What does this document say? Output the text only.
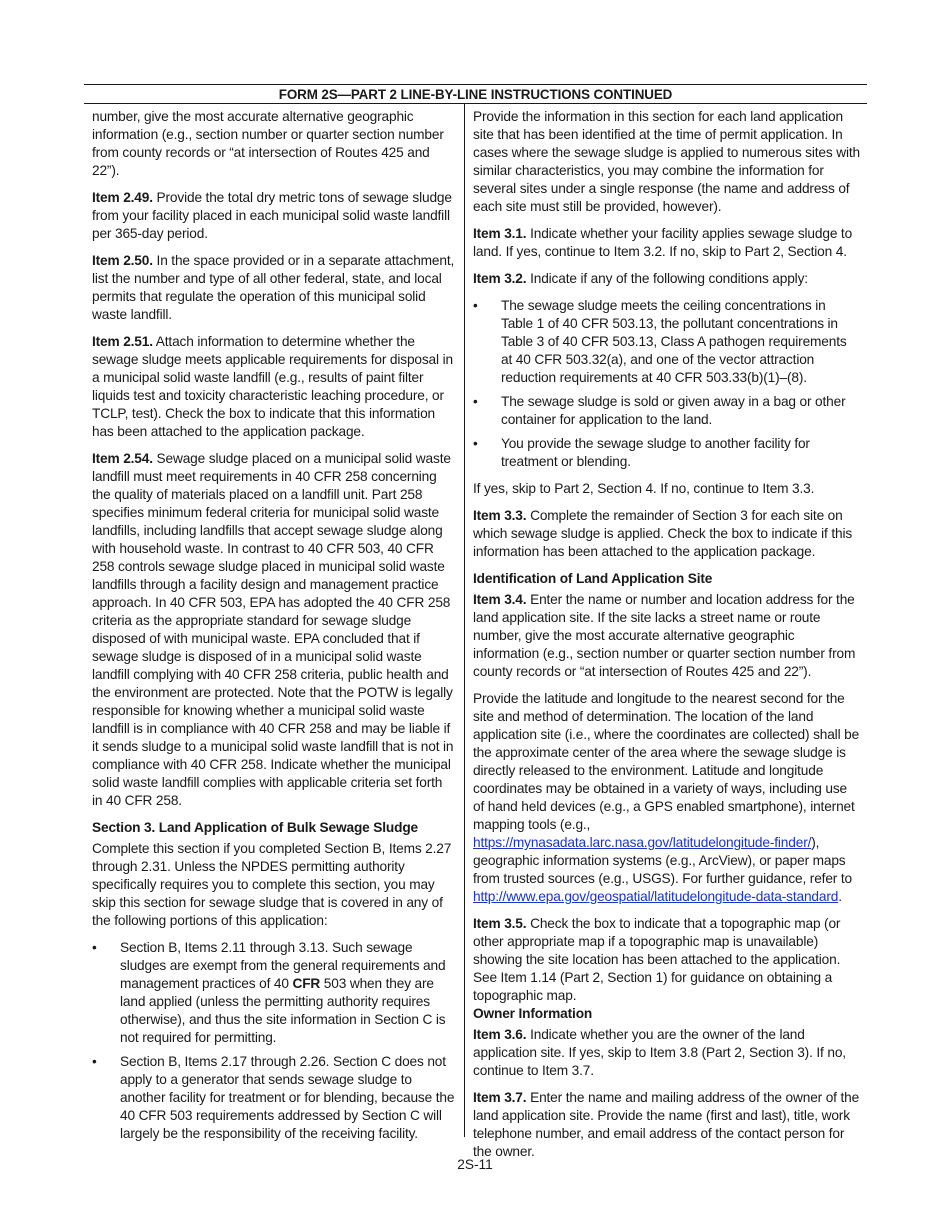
FORM 2S—PART 2 LINE-BY-LINE INSTRUCTIONS CONTINUED

number, give the most accurate alternative geographic information (e.g., section number or quarter section number from county records or “at intersection of Routes 425 and 22”).

Item 2.49. Provide the total dry metric tons of sewage sludge from your facility placed in each municipal solid waste landfill per 365-day period.

Item 2.50. In the space provided or in a separate attachment, list the number and type of all other federal, state, and local permits that regulate the operation of this municipal solid waste landfill.

Item 2.51. Attach information to determine whether the sewage sludge meets applicable requirements for disposal in a municipal solid waste landfill (e.g., results of paint filter liquids test and toxicity characteristic leaching procedure, or TCLP, test). Check the box to indicate that this information has been attached to the application package.

Item 2.54. Sewage sludge placed on a municipal solid waste landfill must meet requirements in 40 CFR 258 concerning the quality of materials placed on a landfill unit. Part 258 specifies minimum federal criteria for municipal solid waste landfills, including landfills that accept sewage sludge along with household waste. In contrast to 40 CFR 503, 40 CFR 258 controls sewage sludge placed in municipal solid waste landfills through a facility design and management practice approach. In 40 CFR 503, EPA has adopted the 40 CFR 258 criteria as the appropriate standard for sewage sludge disposed of with municipal waste. EPA concluded that if sewage sludge is disposed of in a municipal solid waste landfill complying with 40 CFR 258 criteria, public health and the environment are protected. Note that the POTW is legally responsible for knowing whether a municipal solid waste landfill is in compliance with 40 CFR 258 and may be liable if it sends sludge to a municipal solid waste landfill that is not in compliance with 40 CFR 258. Indicate whether the municipal solid waste landfill complies with applicable criteria set forth in 40 CFR 258.

Section 3. Land Application of Bulk Sewage Sludge

Complete this section if you completed Section B, Items 2.27 through 2.31. Unless the NPDES permitting authority specifically requires you to complete this section, you may skip this section for sewage sludge that is covered in any of the following portions of this application:

•	Section B, Items 2.11 through 3.13. Such sewage sludges are exempt from the general requirements and management practices of 40 CFR 503 when they are land applied (unless the permitting authority requires otherwise), and thus the site information in Section C is not required for permitting.
•	Section B, Items 2.17 through 2.26. Section C does not apply to a generator that sends sewage sludge to another facility for treatment or for blending, because the 40 CFR 503 requirements addressed by Section C will largely be the responsibility of the receiving facility.

Provide the information in this section for each land application site that has been identified at the time of permit application. In cases where the sewage sludge is applied to numerous sites with similar characteristics, you may combine the information for several sites under a single response (the name and address of each site must still be provided, however).

Item 3.1. Indicate whether your facility applies sewage sludge to land. If yes, continue to Item 3.2. If no, skip to Part 2, Section 4.

Item 3.2. Indicate if any of the following conditions apply:

•	The sewage sludge meets the ceiling concentrations in Table 1 of 40 CFR 503.13, the pollutant concentrations in Table 3 of 40 CFR 503.13, Class A pathogen requirements at 40 CFR 503.32(a), and one of the vector attraction reduction requirements at 40 CFR 503.33(b)(1)–(8).
•	The sewage sludge is sold or given away in a bag or other container for application to the land.
•	You provide the sewage sludge to another facility for treatment or blending.

If yes, skip to Part 2, Section 4. If no, continue to Item 3.3.

Item 3.3. Complete the remainder of Section 3 for each site on which sewage sludge is applied. Check the box to indicate if this information has been attached to the application package.

Identification of Land Application Site

Item 3.4. Enter the name or number and location address for the land application site. If the site lacks a street name or route number, give the most accurate alternative geographic information (e.g., section number or quarter section number from county records or “at intersection of Routes 425 and 22”).

Provide the latitude and longitude to the nearest second for the site and method of determination. The location of the land application site (i.e., where the coordinates are collected) shall be the approximate center of the area where the sewage sludge is directly released to the environment. Latitude and longitude coordinates may be obtained in a variety of ways, including use of hand held devices (e.g., a GPS enabled smartphone), internet mapping tools (e.g., https://mynasadata.larc.nasa.gov/latitudelongitude-finder/), geographic information systems (e.g., ArcView), or paper maps from trusted sources (e.g., USGS). For further guidance, refer to http://www.epa.gov/geospatial/latitudelongitude-data-standard.

Item 3.5. Check the box to indicate that a topographic map (or other appropriate map if a topographic map is unavailable) showing the site location has been attached to the application. See Item 1.14 (Part 2, Section 1) for guidance on obtaining a topographic map.

Owner Information

Item 3.6. Indicate whether you are the owner of the land application site. If yes, skip to Item 3.8 (Part 2, Section 3). If no, continue to Item 3.7.

Item 3.7. Enter the name and mailing address of the owner of the land application site. Provide the name (first and last), title, work telephone number, and email address of the contact person for the owner.

2S-11
